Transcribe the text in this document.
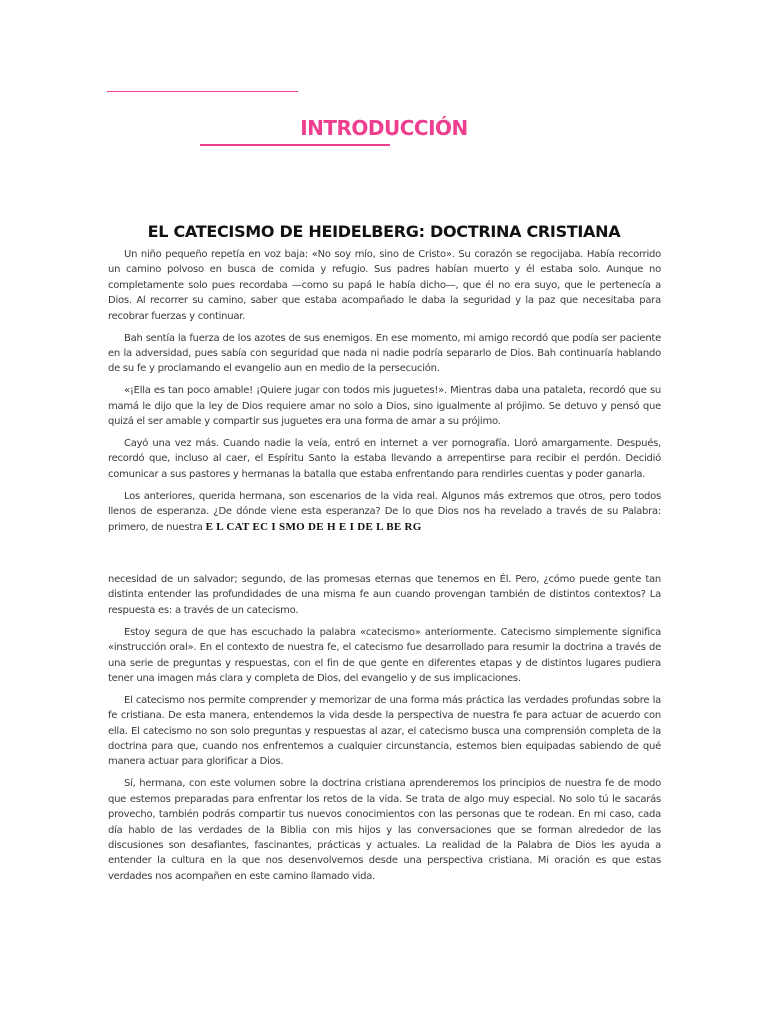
INTRODUCCIÓN
EL CATECISMO DE HEIDELBERG: DOCTRINA CRISTIANA

Un niño pequeño repetía en voz baja: «No soy mío, sino de Cristo». Su corazón se regocijaba. Había recorrido un camino polvoso en busca de comida y refugio. Sus padres habían muerto y él estaba solo. Aunque no completamente solo pues recordaba —como su papá le había dicho—, que él no era suyo, que le pertenecía a Dios. Al recorrer su camino, saber que estaba acompañado le daba la seguridad y la paz que necesitaba para recobrar fuerzas y continuar.

Bah sentía la fuerza de los azotes de sus enemigos. En ese momento, mi amigo recordó que podía ser paciente en la adversidad, pues sabía con seguridad que nada ni nadie podría separarlo de Dios. Bah continuaría hablando de su fe y proclamando el evangelio aun en medio de la persecución.

«¡Ella es tan poco amable! ¡Quiere jugar con todos mis juguetes!». Mientras daba una pataleta, recordó que su mamá le dijo que la ley de Dios requiere amar no solo a Dios, sino igualmente al prójimo. Se detuvo y pensó que quizá el ser amable y compartir sus juguetes era una forma de amar a su prójimo.

Cayó una vez más. Cuando nadie la veía, entró en internet a ver pornografía. Lloró amargamente. Después, recordó que, incluso al caer, el Espíritu Santo la estaba llevando a arrepentirse para recibir el perdón. Decidió comunicar a sus pastores y hermanas la batalla que estaba enfrentando para rendirles cuentas y poder ganarla.

Los anteriores, querida hermana, son escenarios de la vida real. Algunos más extremos que otros, pero todos llenos de esperanza. ¿De dónde viene esta esperanza? De lo que Dios nos ha revelado a través de su Palabra: primero, de nuestra E L CAT EC I SMO DE H E I DE L BE RG

necesidad de un salvador; segundo, de las promesas eternas que tenemos en Él. Pero, ¿cómo puede gente tan distinta entender las profundidades de una misma fe aun cuando provengan también de distintos contextos? La respuesta es: a través de un catecismo.

Estoy segura de que has escuchado la palabra «catecismo» anteriormente. Catecismo simplemente significa «instrucción oral». En el contexto de nuestra fe, el catecismo fue desarrollado para resumir la doctrina a través de una serie de preguntas y respuestas, con el fin de que gente en diferentes etapas y de distintos lugares pudiera tener una imagen más clara y completa de Dios, del evangelio y de sus implicaciones.

El catecismo nos permite comprender y memorizar de una forma más práctica las verdades profundas sobre la fe cristiana. De esta manera, entendemos la vida desde la perspectiva de nuestra fe para actuar de acuerdo con ella. El catecismo no son solo preguntas y respuestas al azar, el catecismo busca una comprensión completa de la doctrina para que, cuando nos enfrentemos a cualquier circunstancia, estemos bien equipadas sabiendo de qué manera actuar para glorificar a Dios.

Sí, hermana, con este volumen sobre la doctrina cristiana aprenderemos los principios de nuestra fe de modo que estemos preparadas para enfrentar los retos de la vida. Se trata de algo muy especial. No solo tú le sacarás provecho, también podrás compartir tus nuevos conocimientos con las personas que te rodean. En mi caso, cada día hablo de las verdades de la Biblia con mis hijos y las conversaciones que se forman alrededor de las discusiones son desafiantes, fascinantes, prácticas y actuales. La realidad de la Palabra de Dios les ayuda a entender la cultura en la que nos desenvolvemos desde una perspectiva cristiana. Mi oración es que estas verdades nos acompañen en este camino llamado vida.
